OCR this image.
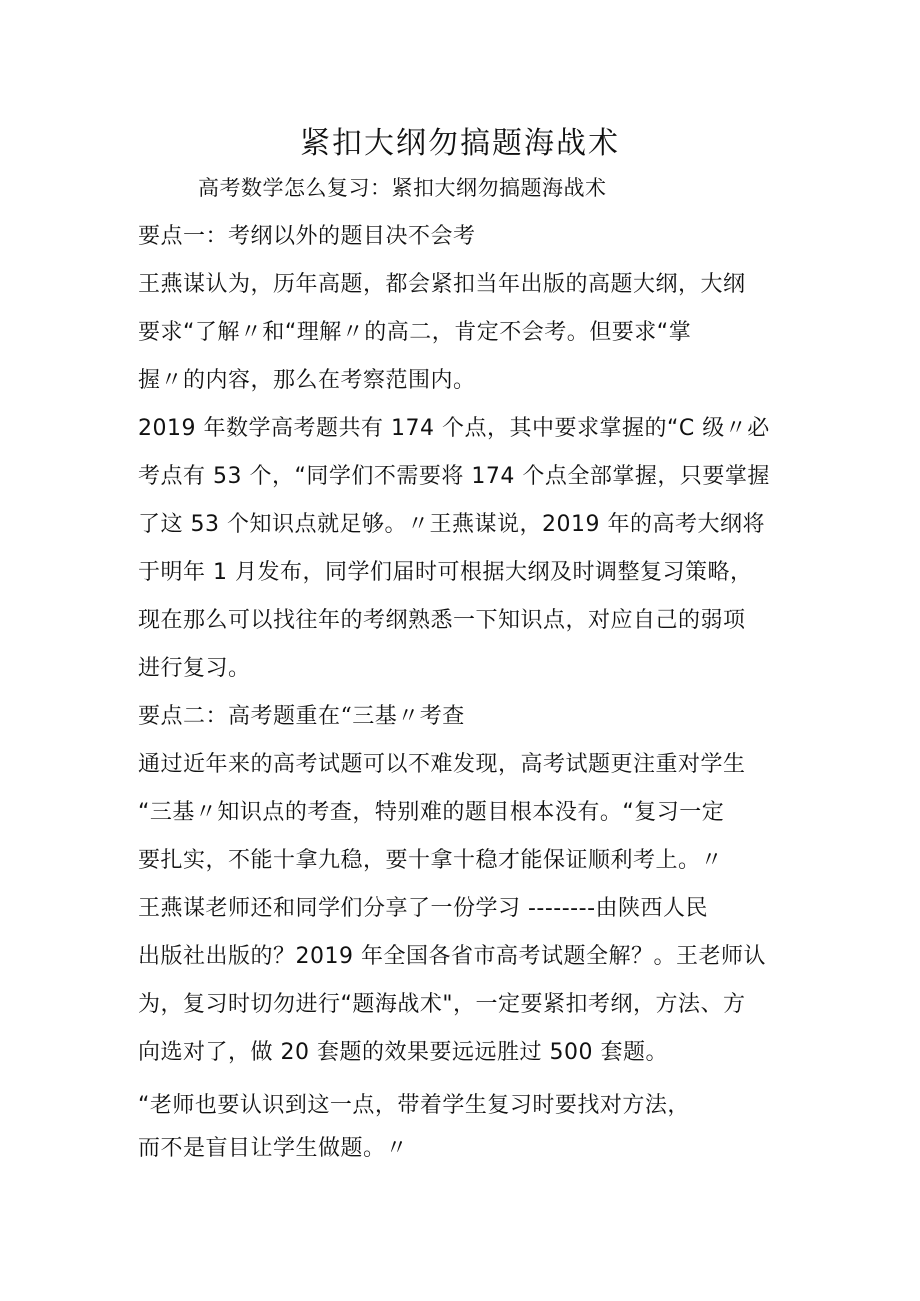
紧扣大纲勿搞题海战术
高考数学怎么复习：紧扣大纲勿搞题海战术
要点一：考纲以外的题目决不会考
王燕谋认为，历年高题，都会紧扣当年出版的高题大纲，大纲
要求“了解〃和“理解〃的高二，肯定不会考。但要求“掌
握〃的内容，那么在考察范围内。
2019 年数学高考题共有 174 个点，其中要求掌握的“C 级〃必
考点有 53 个，“同学们不需要将 174 个点全部掌握，只要掌握
了这 53 个知识点就足够。〃王燕谋说，2019 年的高考大纲将
于明年 1 月发布，同学们届时可根据大纲及时调整复习策略，
现在那么可以找往年的考纲熟悉一下知识点，对应自己的弱项
进行复习。
要点二：高考题重在“三基〃考查
通过近年来的高考试题可以不难发现，高考试题更注重对学生
“三基〃知识点的考查，特别难的题目根本没有。“复习一定
要扎实，不能十拿九稳，要十拿十稳才能保证顺利考上。〃
王燕谋老师还和同学们分享了一份学习 --------由陕西人民
出版社出版的？2019 年全国各省市高考试题全解？。王老师认
为，复习时切勿进行“题海战术"，一定要紧扣考纲，方法、方
向选对了，做 20 套题的效果要远远胜过 500 套题。
“老师也要认识到这一点，带着学生复习时要找对方法，
而不是盲目让学生做题。〃
